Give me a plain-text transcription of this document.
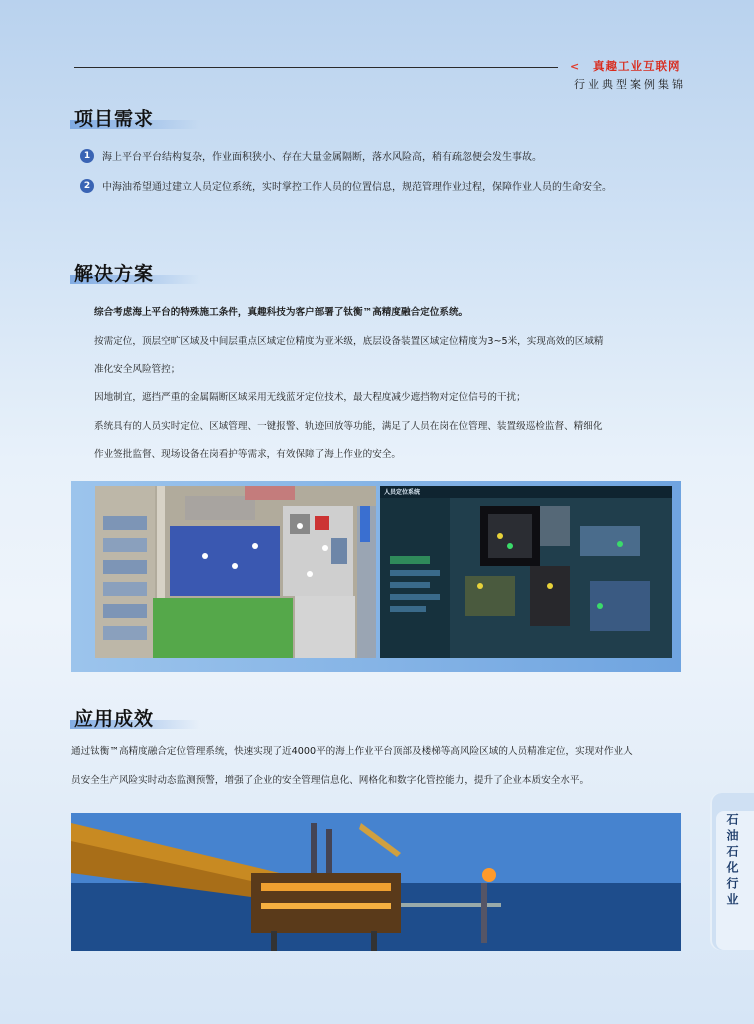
< 真趣工业互联网
行业典型案例集锦
项目需求
1	海上平台平台结构复杂，作业面积狭小、存在大量金属隔断，落水风险高，稍有疏忽便会发生事故。
2	中海油希望通过建立人员定位系统，实时掌控工作人员的位置信息，规范管理作业过程，保障作业人员的生命安全。
解决方案
综合考虑海上平台的特殊施工条件，真趣科技为客户部署了钛衡™高精度融合定位系统。
按需定位，顶层空旷区域及中间层重点区域定位精度为亚米级，底层设备装置区域定位精度为3~5米，实现高效的区域精
准化安全风险管控；
因地制宜，遮挡严重的金属隔断区域采用无线蓝牙定位技术，最大程度减少遮挡物对定位信号的干扰；
系统具有的人员实时定位、区域管理、一键报警、轨迹回放等功能，满足了人员在岗在位管理、装置级巡检监督、精细化
作业签批监督、现场设备在岗看护等需求，有效保障了海上作业的安全。
人员定位系统
应用成效
通过钛衡™高精度融合定位管理系统，快速实现了近4000平的海上作业平台顶部及楼梯等高风险区域的人员精准定位，实现对作业人
员安全生产风险实时动态监测预警，增强了企业的安全管理信息化、网格化和数字化管控能力，提升了企业本质安全水平。
石油石化行业
